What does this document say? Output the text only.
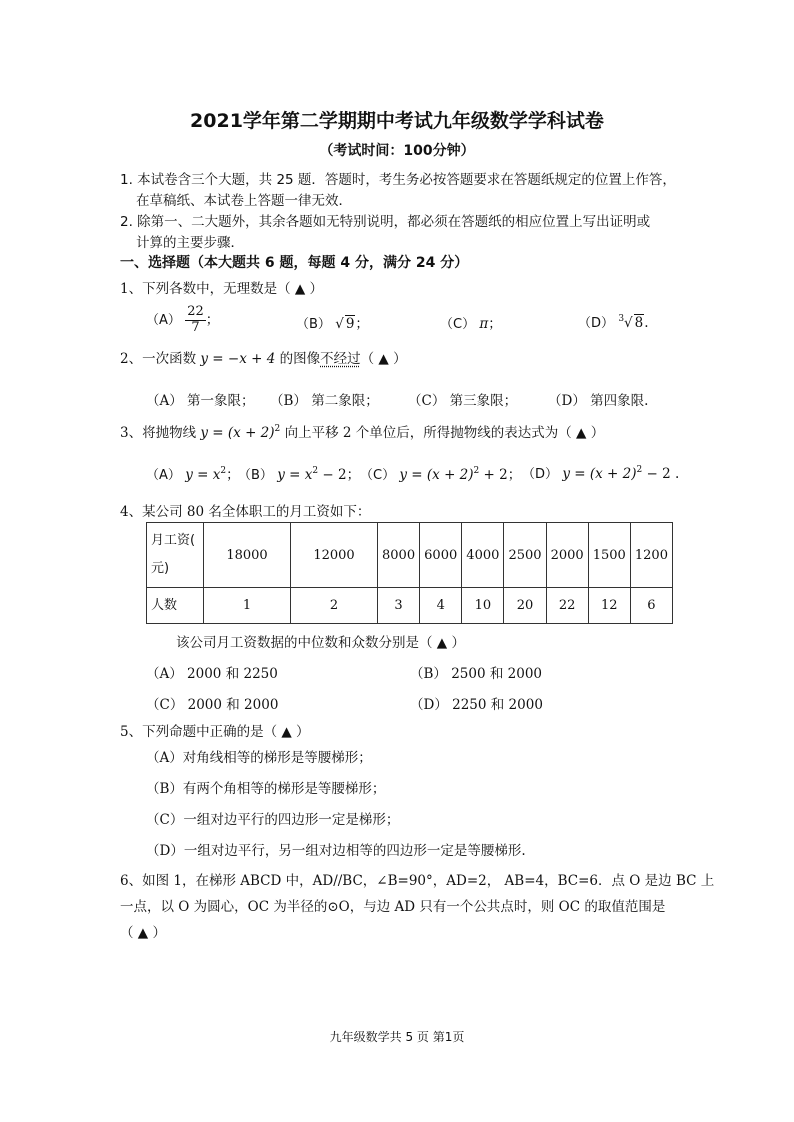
2021学年第二学期期中考试九年级数学学科试卷
（考试时间：100分钟）
1. 本试卷含三个大题，共 25 题．答题时，考生务必按答题要求在答题纸规定的位置上作答，
在草稿纸、本试卷上答题一律无效．
2. 除第一、二大题外，其余各题如无特别说明，都必须在答题纸的相应位置上写出证明或
计算的主要步骤．
一、选择题（本大题共 6 题，每题 4 分，满分 24 分）
1、下列各数中，无理数是（ ▲ ）
$(A) \frac{22}{7}$ ；	（B） √ 9；	（C） π；	（D） $^3$√ 8.
2、一次函数 y = −x + 4 的图像不经过（ ▲ ）
（A） 第一象限； （B） 第二象限； （C） 第三象限； （D） 第四象限.
3、将抛物线 $y = (x + 2)^2$ 向上平移 2 个单位后，所得抛物线的表达式为（ ▲ ）
（A） $y = x^2$；
（B） $y = x^2 - 2$； （C） $y = (x + 2)^2 + 2$； （D） $y = (x + 2)^2 - 2$ .
4、某公司 80 名全体职工的月工资如下：
月工资(
元)	18000	12000	8000	6000	4000	2500	2000	1500	1200
人数	1	2	3	4	10	20	22	12	6
该公司月工资数据的中位数和众数分别是（ ▲ ）
（A） 2000 和 2250	（B） 2500 和 2000
（C） 2000 和 2000	（D） 2250 和 2000
5、下列命题中正确的是（ ▲ ）
（A）对角线相等的梯形是等腰梯形；
（B）有两个角相等的梯形是等腰梯形；
（C）一组对边平行的四边形一定是梯形；
（D）一组对边平行，另一组对边相等的四边形一定是等腰梯形.
6、如图 1，在梯形 ABCD 中，AD//BC，∠B=90°，AD=2， AB=4，BC=6．点 O 是边 BC 上
一点，以 O 为圆心，OC 为半径的⊙O，与边 AD 只有一个公共点时，则 OC 的取值范围是
（ ▲ ）
九年级数学共 5 页 第1页
